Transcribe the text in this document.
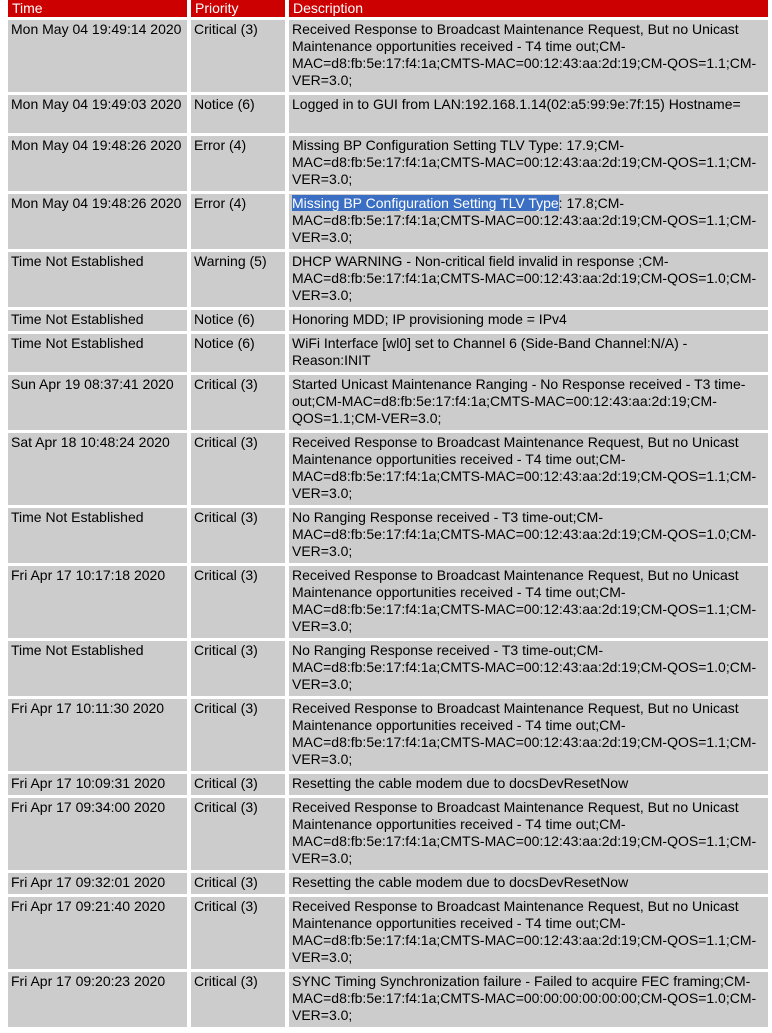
Time	Priority	Description
Mon May 04 19:49:14 2020	Critical (3)	Received Response to Broadcast Maintenance Request, But no Unicast Maintenance opportunities received - T4 time out;CM-MAC=d8:fb:5e:17:f4:1a;CMTS-MAC=00:12:43:aa:2d:19;CM-QOS=1.1;CM-VER=3.0;
Mon May 04 19:49:03 2020	Notice (6)	Logged in to GUI from LAN:192.168.1.14(02:a5:99:9e:7f:15) Hostname=

Mon May 04 19:48:26 2020	Error (4)	Missing BP Configuration Setting TLV Type: 17.9;CM-MAC=d8:fb:5e:17:f4:1a;CMTS-MAC=00:12:43:aa:2d:19;CM-QOS=1.1;CM-VER=3.0;
Mon May 04 19:48:26 2020	Error (4)	Missing BP Configuration Setting TLV Type: 17.8;CM-MAC=d8:fb:5e:17:f4:1a;CMTS-MAC=00:12:43:aa:2d:19;CM-QOS=1.1;CM-VER=3.0;
Time Not Established	Warning (5)	DHCP WARNING - Non-critical field invalid in response ;CM-MAC=d8:fb:5e:17:f4:1a;CMTS-MAC=00:12:43:aa:2d:19;CM-QOS=1.0;CM-VER=3.0;
Time Not Established	Notice (6)	Honoring MDD; IP provisioning mode = IPv4
Time Not Established	Notice (6)	WiFi Interface [wl0] set to Channel 6 (Side-Band Channel:N/A) - Reason:INIT
Sun Apr 19 08:37:41 2020	Critical (3)	Started Unicast Maintenance Ranging - No Response received - T3 time-out;CM-MAC=d8:fb:5e:17:f4:1a;CMTS-MAC=00:12:43:aa:2d:19;CM-QOS=1.1;CM-VER=3.0;
Sat Apr 18 10:48:24 2020	Critical (3)	Received Response to Broadcast Maintenance Request, But no Unicast Maintenance opportunities received - T4 time out;CM-MAC=d8:fb:5e:17:f4:1a;CMTS-MAC=00:12:43:aa:2d:19;CM-QOS=1.1;CM-VER=3.0;
Time Not Established	Critical (3)	No Ranging Response received - T3 time-out;CM-MAC=d8:fb:5e:17:f4:1a;CMTS-MAC=00:12:43:aa:2d:19;CM-QOS=1.0;CM-VER=3.0;
Fri Apr 17 10:17:18 2020	Critical (3)	Received Response to Broadcast Maintenance Request, But no Unicast Maintenance opportunities received - T4 time out;CM-MAC=d8:fb:5e:17:f4:1a;CMTS-MAC=00:12:43:aa:2d:19;CM-QOS=1.1;CM-VER=3.0;
Time Not Established	Critical (3)	No Ranging Response received - T3 time-out;CM-MAC=d8:fb:5e:17:f4:1a;CMTS-MAC=00:12:43:aa:2d:19;CM-QOS=1.0;CM-VER=3.0;
Fri Apr 17 10:11:30 2020	Critical (3)	Received Response to Broadcast Maintenance Request, But no Unicast Maintenance opportunities received - T4 time out;CM-MAC=d8:fb:5e:17:f4:1a;CMTS-MAC=00:12:43:aa:2d:19;CM-QOS=1.1;CM-VER=3.0;
Fri Apr 17 10:09:31 2020	Critical (3)	Resetting the cable modem due to docsDevResetNow
Fri Apr 17 09:34:00 2020	Critical (3)	Received Response to Broadcast Maintenance Request, But no Unicast Maintenance opportunities received - T4 time out;CM-MAC=d8:fb:5e:17:f4:1a;CMTS-MAC=00:12:43:aa:2d:19;CM-QOS=1.1;CM-VER=3.0;
Fri Apr 17 09:32:01 2020	Critical (3)	Resetting the cable modem due to docsDevResetNow
Fri Apr 17 09:21:40 2020	Critical (3)	Received Response to Broadcast Maintenance Request, But no Unicast Maintenance opportunities received - T4 time out;CM-MAC=d8:fb:5e:17:f4:1a;CMTS-MAC=00:12:43:aa:2d:19;CM-QOS=1.1;CM-VER=3.0;
Fri Apr 17 09:20:23 2020	Critical (3)	SYNC Timing Synchronization failure - Failed to acquire FEC framing;CM-MAC=d8:fb:5e:17:f4:1a;CMTS-MAC=00:00:00:00:00:00;CM-QOS=1.0;CM-VER=3.0;
